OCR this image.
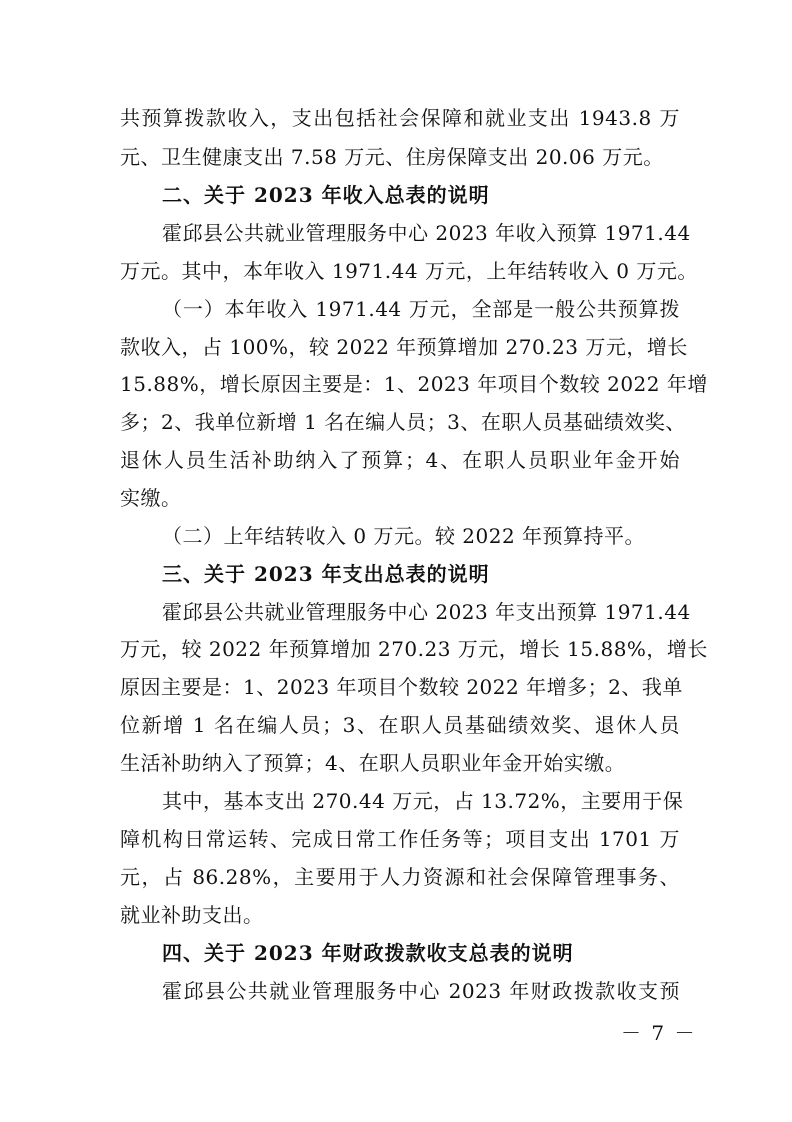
共预算拨款收入，支出包括社会保障和就业支出 1943.8 万
元、卫生健康支出 7.58 万元、住房保障支出 20.06 万元。
二、关于 2023 年收入总表的说明
霍邱县公共就业管理服务中心 2023 年收入预算 1971.44
万元。其中，本年收入 1971.44 万元，上年结转收入 0 万元。
（一）本年收入 1971.44 万元，全部是一般公共预算拨
款收入，占 100%，较 2022 年预算增加 270.23 万元，增长
15.88%，增长原因主要是：1、2023 年项目个数较 2022 年增
多；2、我单位新增 1 名在编人员；3、在职人员基础绩效奖、
退休人员生活补助纳入了预算；4、在职人员职业年金开始
实缴。
（二）上年结转收入 0 万元。较 2022 年预算持平。
三、关于 2023 年支出总表的说明
霍邱县公共就业管理服务中心 2023 年支出预算 1971.44
万元，较 2022 年预算增加 270.23 万元，增长 15.88%，增长
原因主要是：1、2023 年项目个数较 2022 年增多；2、我单
位新增 1 名在编人员；3、在职人员基础绩效奖、退休人员
生活补助纳入了预算；4、在职人员职业年金开始实缴。
其中，基本支出 270.44 万元，占 13.72%，主要用于保
障机构日常运转、完成日常工作任务等；项目支出 1701 万
元，占 86.28%，主要用于人力资源和社会保障管理事务、
就业补助支出。
四、关于 2023 年财政拨款收支总表的说明
霍邱县公共就业管理服务中心 2023 年财政拨款收支预
－ 7 －
